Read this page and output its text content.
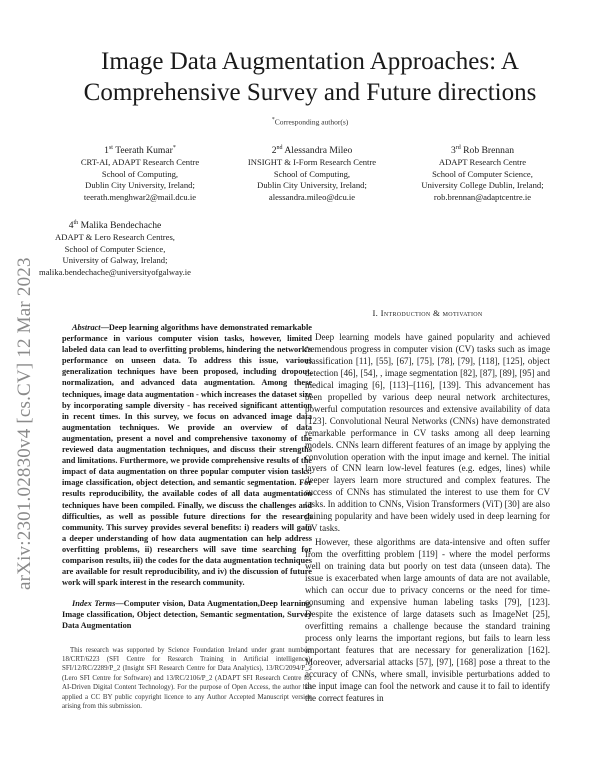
arXiv:2301.02830v4 [cs.CV] 12 Mar 2023
Image Data Augmentation Approaches: A
Comprehensive Survey and Future directions
*Corresponding author(s)
1st Teerath Kumar*
CRT-AI, ADAPT Research Centre
School of Computing,
Dublin City University, Ireland;
teerath.menghwar2@mail.dcu.ie
2nd Alessandra Mileo
INSIGHT & I-Form Research Centre
School of Computing,
Dublin City University, Ireland;
alessandra.mileo@dcu.ie
3rd Rob Brennan
ADAPT Research Centre
School of Computer Science,
University College Dublin, Ireland;
rob.brennan@adaptcentre.ie
4th Malika Bendechache
ADAPT & Lero Research Centres,
School of Computer Science,
University of Galway, Ireland;
malika.bendechache@universityofgalway.ie

Abstract—Deep learning algorithms have demonstrated remarkable performance in various computer vision tasks, however, limited labeled data can lead to overfitting problems, hindering the network's performance on unseen data. To address this issue, various generalization techniques have been proposed, including dropout, normalization, and advanced data augmentation. Among these techniques, image data augmentation - which increases the dataset size by incorporating sample diversity - has received significant attention in recent times. In this survey, we focus on advanced image data augmentation techniques. We provide an overview of data augmentation, present a novel and comprehensive taxonomy of the reviewed data augmentation techniques, and discuss their strengths and limitations. Furthermore, we provide comprehensive results of the impact of data augmentation on three popular computer vision tasks: image classification, object detection, and semantic segmentation. For results reproducibility, the available codes of all data augmentation techniques have been compiled. Finally, we discuss the challenges and difficulties, as well as possible future directions for the research community. This survey provides several benefits: i) readers will gain a deeper understanding of how data augmentation can help address overfitting problems, ii) researchers will save time searching for comparison results, iii) the codes for the data augmentation techniques are available for result reproducibility, and iv) the discussion of future work will spark interest in the research community.

Index Terms—Computer vision, Data Augmentation,Deep learning, Image classification, Object detection, Semantic segmentation, Survey Data Augmentation

This research was supported by Science Foundation Ireland under grant numbers 18/CRT/6223 (SFI Centre for Research Training in Artificial intelligence), SFI/12/RC/2289/P_2 (Insight SFI Research Centre for Data Analytics), 13/RC/2094/P_2 (Lero SFI Centre for Software) and 13/RC/2106/P_2 (ADAPT SFI Research Centre for AI-Driven Digital Content Technology). For the purpose of Open Access, the author has applied a CC BY public copyright licence to any Author Accepted Manuscript version arising from this submission.

I. Introduction & motivation

Deep learning models have gained popularity and achieved tremendous progress in computer vision (CV) tasks such as image classification [11], [55], [67], [75], [78], [79], [118], [125], object detection [46], [54], , image segmentation [82], [87], [89], [95] and medical imaging [6], [113]–[116], [139]. This advancement has been propelled by various deep neural network architectures, powerful computation resources and extensive availability of data [123]. Convolutional Neural Networks (CNNs) have demonstrated remarkable performance in CV tasks among all deep learning models. CNNs learn different features of an image by applying the convolution operation with the input image and kernel. The initial layers of CNN learn low-level features (e.g. edges, lines) while deeper layers learn more structured and complex features. The success of CNNs has stimulated the interest to use them for CV tasks. In addition to CNNs, Vision Transformers (ViT) [30] are also gaining popularity and have been widely used in deep learning for CV tasks.

However, these algorithms are data-intensive and often suffer from the overfitting problem [119] - where the model performs well on training data but poorly on test data (unseen data). The issue is exacerbated when large amounts of data are not available, which can occur due to privacy concerns or the need for time-consuming and expensive human labeling tasks [79], [123]. Despite the existence of large datasets such as ImageNet [25], overfitting remains a challenge because the standard training process only learns the important regions, but fails to learn less important features that are necessary for generalization [162]. Moreover, adversarial attacks [57], [97], [168] pose a threat to the accuracy of CNNs, where small, invisible perturbations added to the input image can fool the network and cause it to fail to identify the correct features in
